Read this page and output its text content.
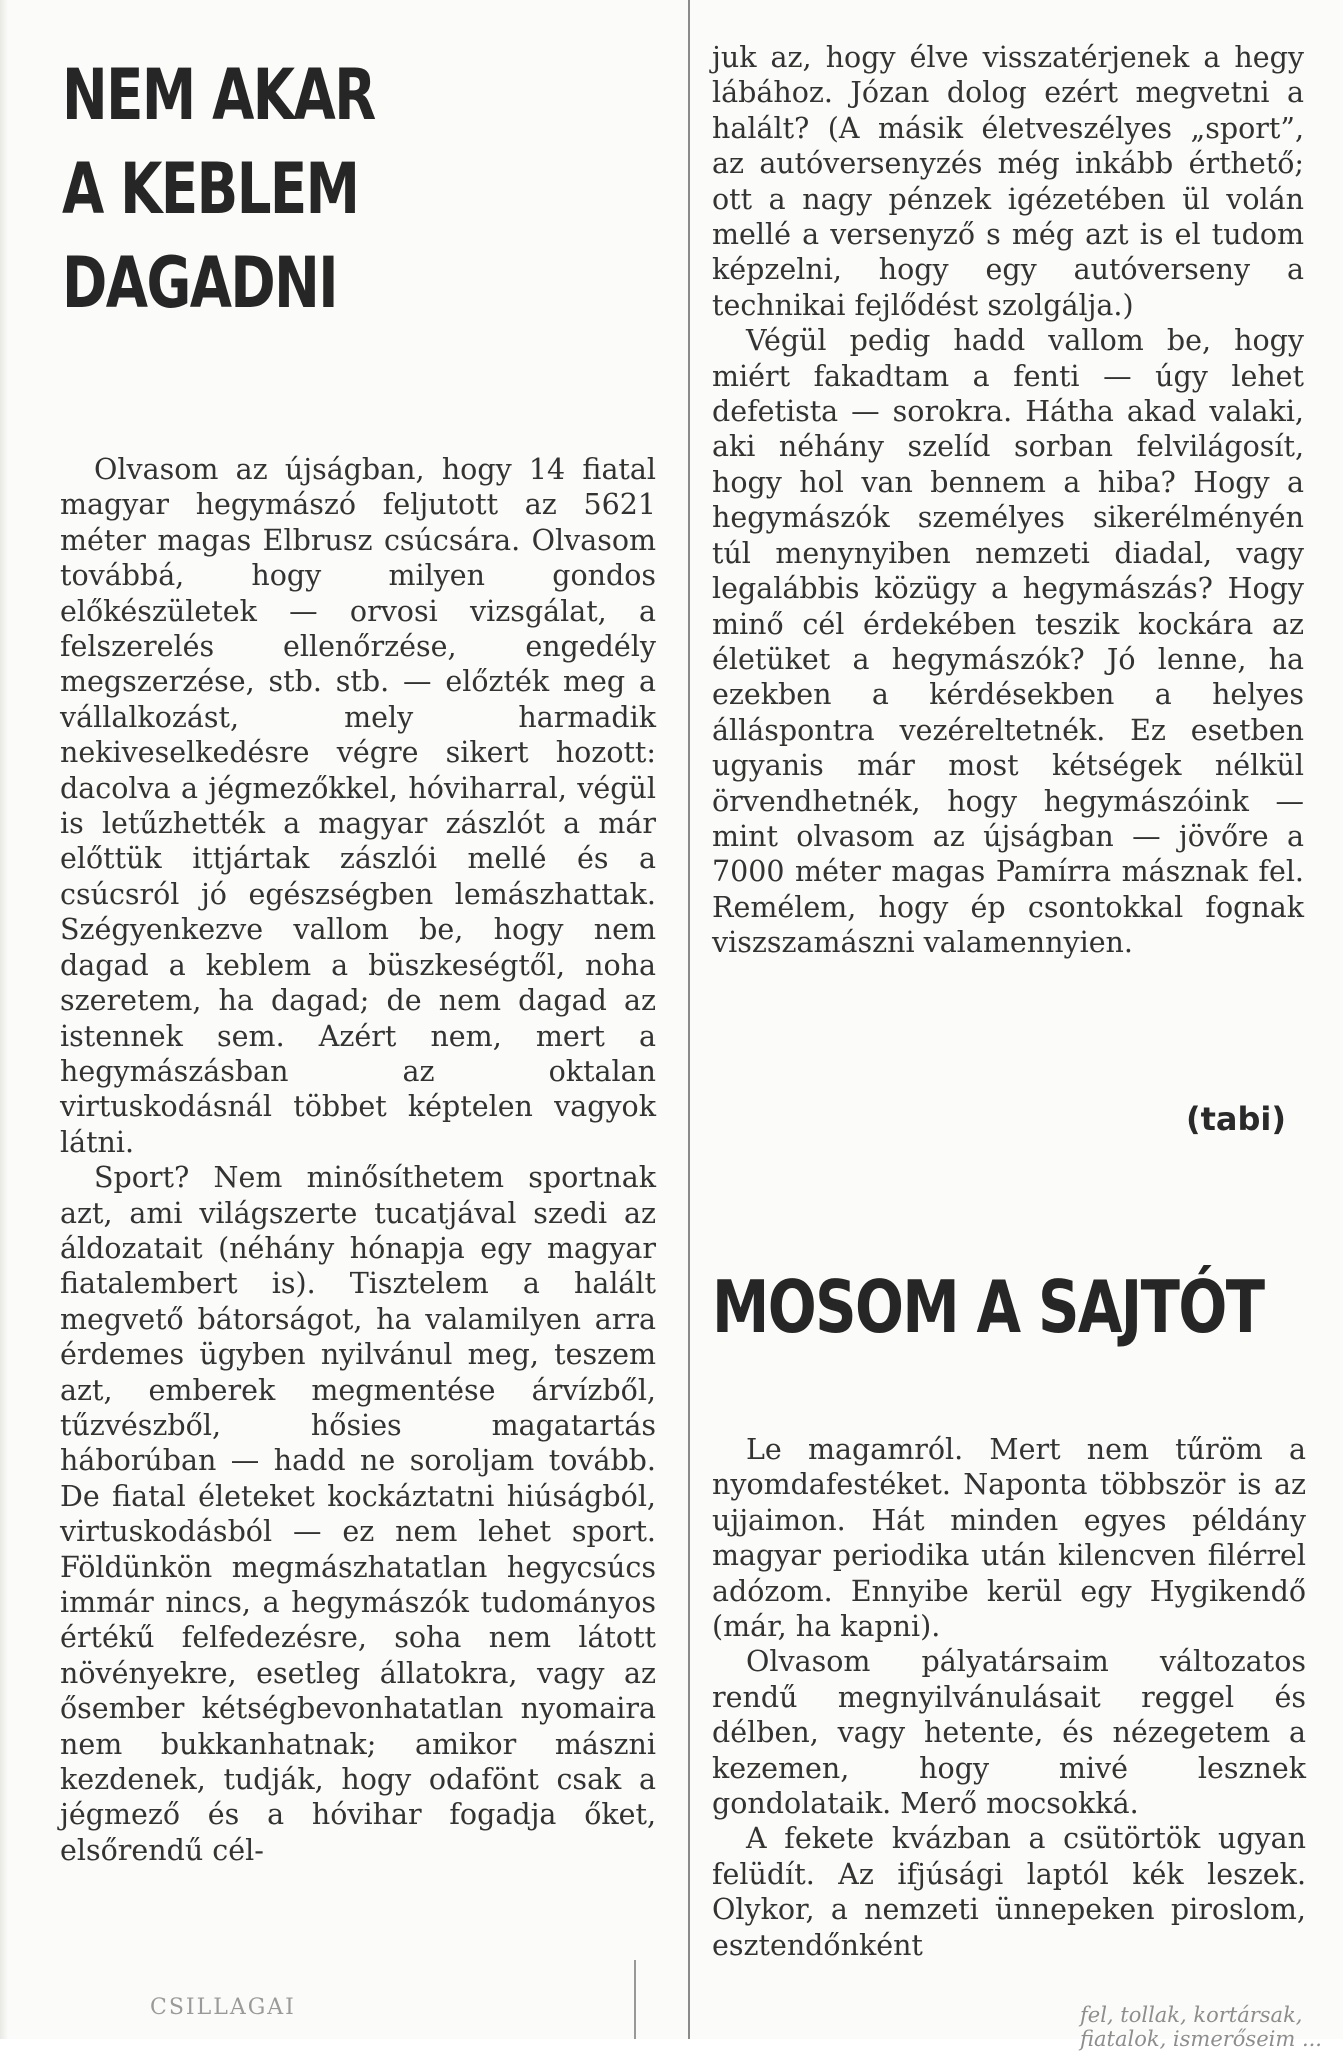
NEM AKAR
A KEBLEM
DAGADNI

Olvasom az újságban, hogy 14 fiatal magyar hegymászó feljutott az 5621 méter magas Elbrusz csúcsára. Olvasom továbbá, hogy milyen gondos előkészületek — orvosi vizsgálat, a felszerelés ellenőrzése, engedély megszerzése, stb. stb. — előzték meg a vállalkozást, mely harmadik nekiveselkedésre végre sikert hozott: dacolva a jégmezőkkel, hóviharral, végül is letűzhették a magyar zászlót a már előttük ittjártak zászlói mellé és a csúcsról jó egészségben lemászhattak. Szégyenkezve vallom be, hogy nem dagad a keblem a büszkeségtől, noha szeretem, ha dagad; de nem dagad az istennek sem. Azért nem, mert a hegymászásban az oktalan virtuskodásnál többet képtelen vagyok látni.

Sport? Nem minősíthetem sportnak azt, ami világszerte tucatjával szedi az áldozatait (néhány hónapja egy magyar fiatalembert is). Tisztelem a halált megvető bátorságot, ha valamilyen arra érdemes ügyben nyilvánul meg, teszem azt, emberek megmentése árvízből, tűzvészből, hősies magatartás háborúban — hadd ne soroljam tovább. De fiatal életeket kockáztatni hiúságból, virtuskodásból — ez nem lehet sport. Földünkön megmászhatatlan hegycsúcs immár nincs, a hegymászók tudományos értékű felfedezésre, soha nem látott növényekre, esetleg állatokra, vagy az ősember kétségbevonhatatlan nyomaira nem bukkanhatnak; amikor mászni kezdenek, tudják, hogy odafönt csak a jégmező és a hóvihar fogadja őket, elsőrendű cél-

juk az, hogy élve visszatérjenek a hegy lábához. Józan dolog ezért megvetni a halált? (A másik életveszélyes „sport”, az autóversenyzés még inkább érthető; ott a nagy pénzek igézetében ül volán mellé a versenyző s még azt is el tudom képzelni, hogy egy autóverseny a technikai fejlődést szolgálja.)

Végül pedig hadd vallom be, hogy miért fakadtam a fenti — úgy lehet defetista — sorokra. Hátha akad valaki, aki néhány szelíd sorban felvilágosít, hogy hol van bennem a hiba? Hogy a hegymászók személyes sikerélményén túl menynyiben nemzeti diadal, vagy legalábbis közügy a hegymászás? Hogy minő cél érdekében teszik kockára az életüket a hegymászók? Jó lenne, ha ezekben a kérdésekben a helyes álláspontra vezéreltetnék. Ez esetben ugyanis már most kétségek nélkül örvendhetnék, hogy hegymászóink — mint olvasom az újságban — jövőre a 7000 méter magas Pamírra másznak fel. Remélem, hogy ép csontokkal fognak viszszamászni valamennyien.

(tabi)
MOSOM A SAJTÓT

Le magamról. Mert nem tűröm a nyomdafestéket. Naponta többször is az ujjaimon. Hát minden egyes példány magyar periodika után kilencven filérrel adózom. Ennyibe kerül egy Hygikendő (már, ha kapni).

Olvasom pályatársaim változatos rendű megnyilvánulásait reggel és délben, vagy hetente, és nézegetem a kezemen, hogy mivé lesznek gondolataik. Merő mocsokká.

A fekete kvázban a csütörtök ugyan felüdít. Az ifjúsági laptól kék leszek. Olykor, a nemzeti ünnepeken piroslom, esztendőnként

CSILLAGAI	fel, tollak, kortársak, fiatalok, ismerőseim ...
